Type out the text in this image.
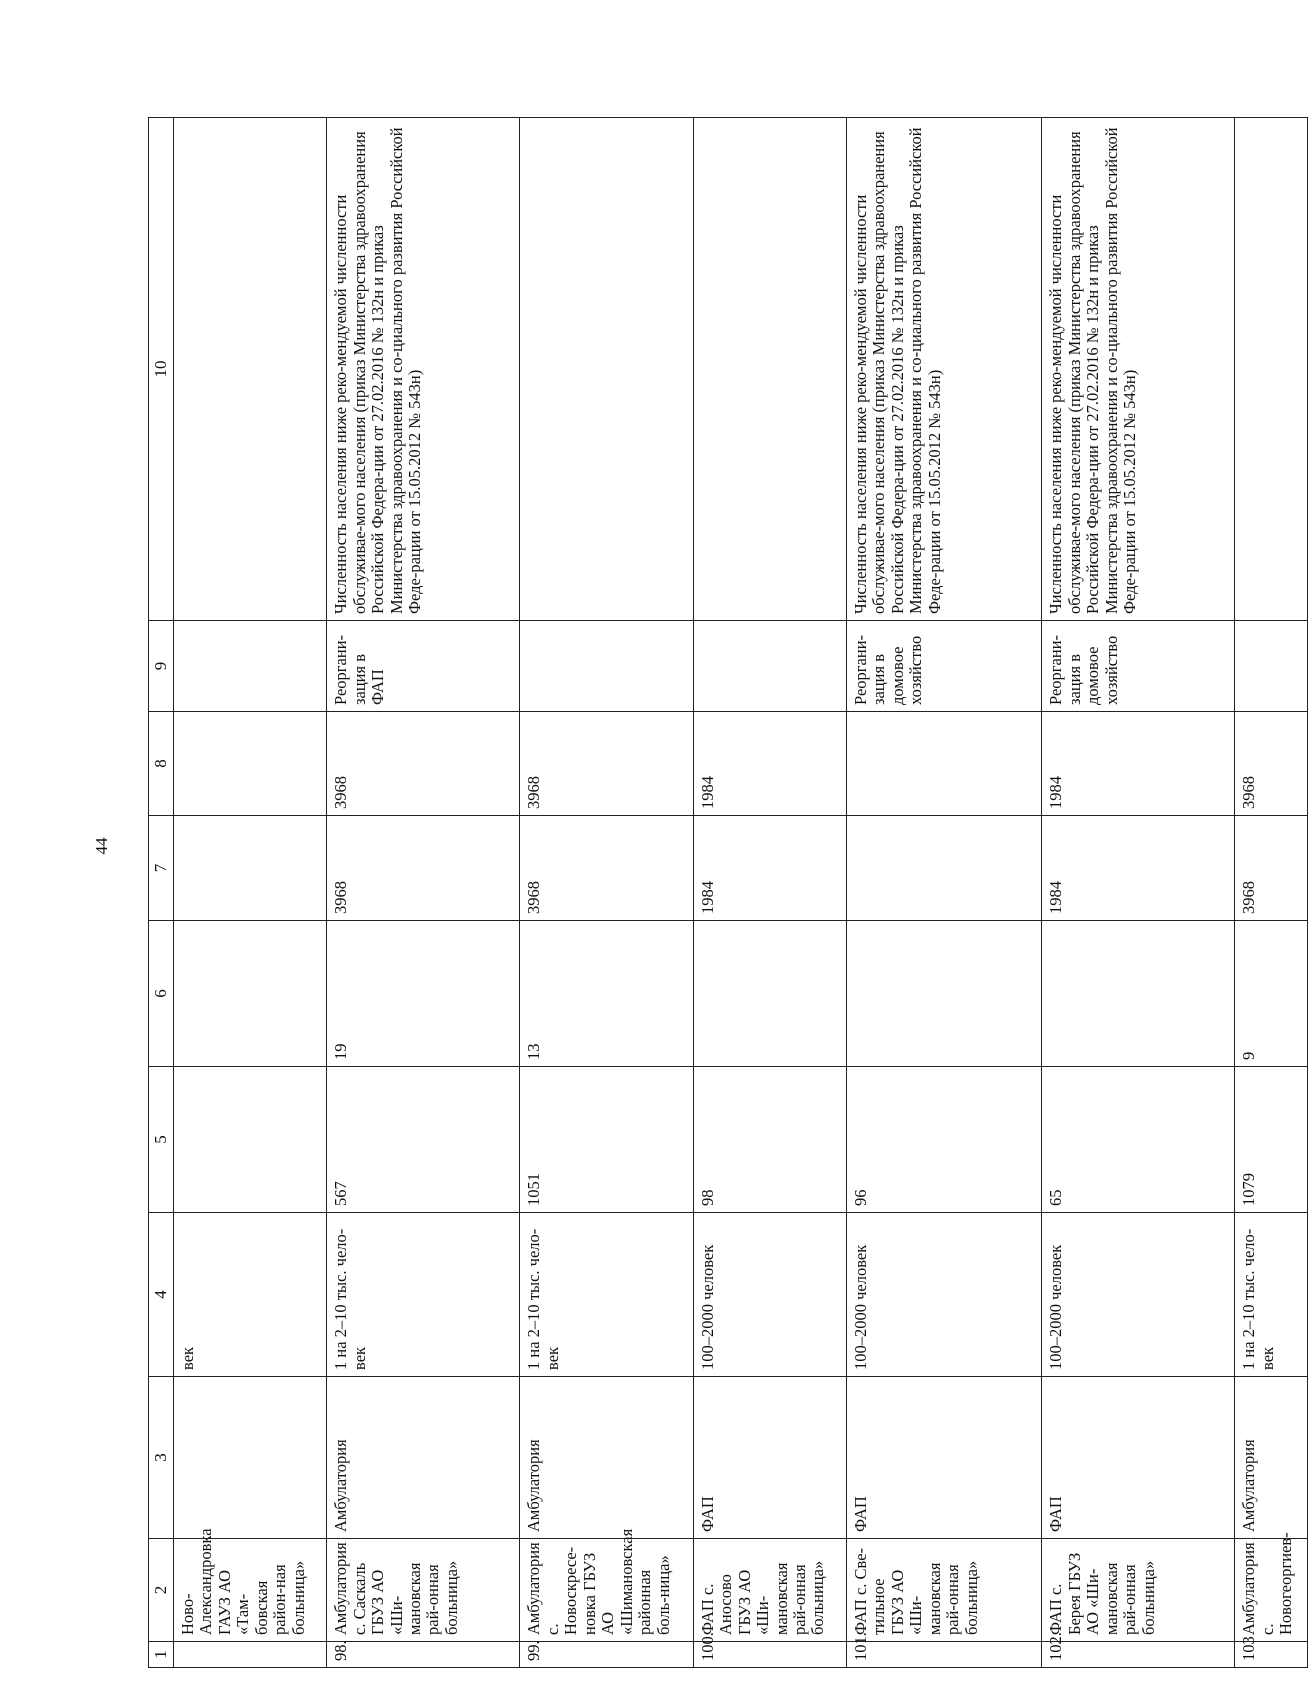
44
1	2	3	4	5	6	7	8	9	10
	Ново-Александровка ГАУЗ АО «Там-бовская район-ная больница»		век						
98.	Амбулатория с. Саскаль ГБУЗ АО «Ши-мановская рай-онная больница»	Амбулатория	1 на 2–10 тыс. чело-век	567	19	3968	3968	Реоргани-зация в ФАП	Численность населения ниже реко-мендуемой численности обслуживае-мого населения (приказ Министерства здравоохранения Российской Федера-ции от 27.02.2016 № 132н и приказ Министерства здравоохранения и со-циального развития Российской Феде-рации от 15.05.2012 № 543н)
99.	Амбулатория с. Новоскресе-новка ГБУЗ АО «Шимановская районная боль-ница»	Амбулатория	1 на 2–10 тыс. чело-век	1051	13	3968	3968		
100.	ФАП с. Аносово ГБУЗ АО «Ши-мановская рай-онная больница»	ФАП	100–2000 человек	98		1984	1984		
101.	ФАП с. Све-тильное ГБУЗ АО «Ши-мановская рай-онная больница»	ФАП	100–2000 человек	96				Реоргани-зация в домовое хозяйство	Численность населения ниже реко-мендуемой численности обслуживае-мого населения (приказ Министерства здравоохранения Российской Федера-ции от 27.02.2016 № 132н и приказ Министерства здравоохранения и со-циального развития Российской Феде-рации от 15.05.2012 № 543н)
102.	ФАП с. Берея ГБУЗ АО «Ши-мановская рай-онная больница»	ФАП	100–2000 человек	65		1984	1984	Реоргани-зация в домовое хозяйство	Численность населения ниже реко-мендуемой численности обслуживае-мого населения (приказ Министерства здравоохранения Российской Федера-ции от 27.02.2016 № 132н и приказ Министерства здравоохранения и со-циального развития Российской Феде-рации от 15.05.2012 № 543н)
103	Амбулатория с. Новогеоргиев-	Амбулатория	1 на 2–10 тыс. чело-век	1079	9	3968	3968		
